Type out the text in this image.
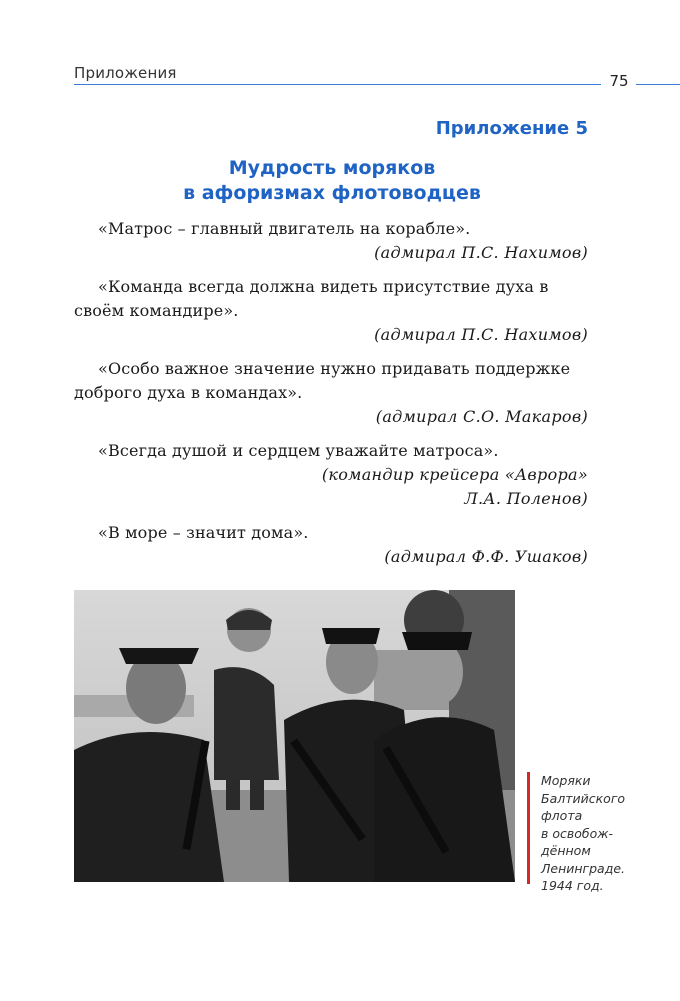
Приложения	75
Приложение 5
Мудрость моряков
в афоризмах флотоводцев
«Матрос – главный двигатель на корабле».
(адмирал П.С. Нахимов)
«Команда всегда должна видеть присутствие духа в своём командире».
(адмирал П.С. Нахимов)
«Особо важное значение нужно придавать поддержке доброго духа в командах».
(адмирал С.О. Макаров)
«Всегда душой и сердцем уважайте матроса».
(командир крейсера «Аврора»
Л.А. Поленов)
«В море – значит дома».
(адмирал Ф.Ф. Ушаков)
Моряки
Балтийского
флота
в освобож-
дённом
Ленинграде.
1944 год.
